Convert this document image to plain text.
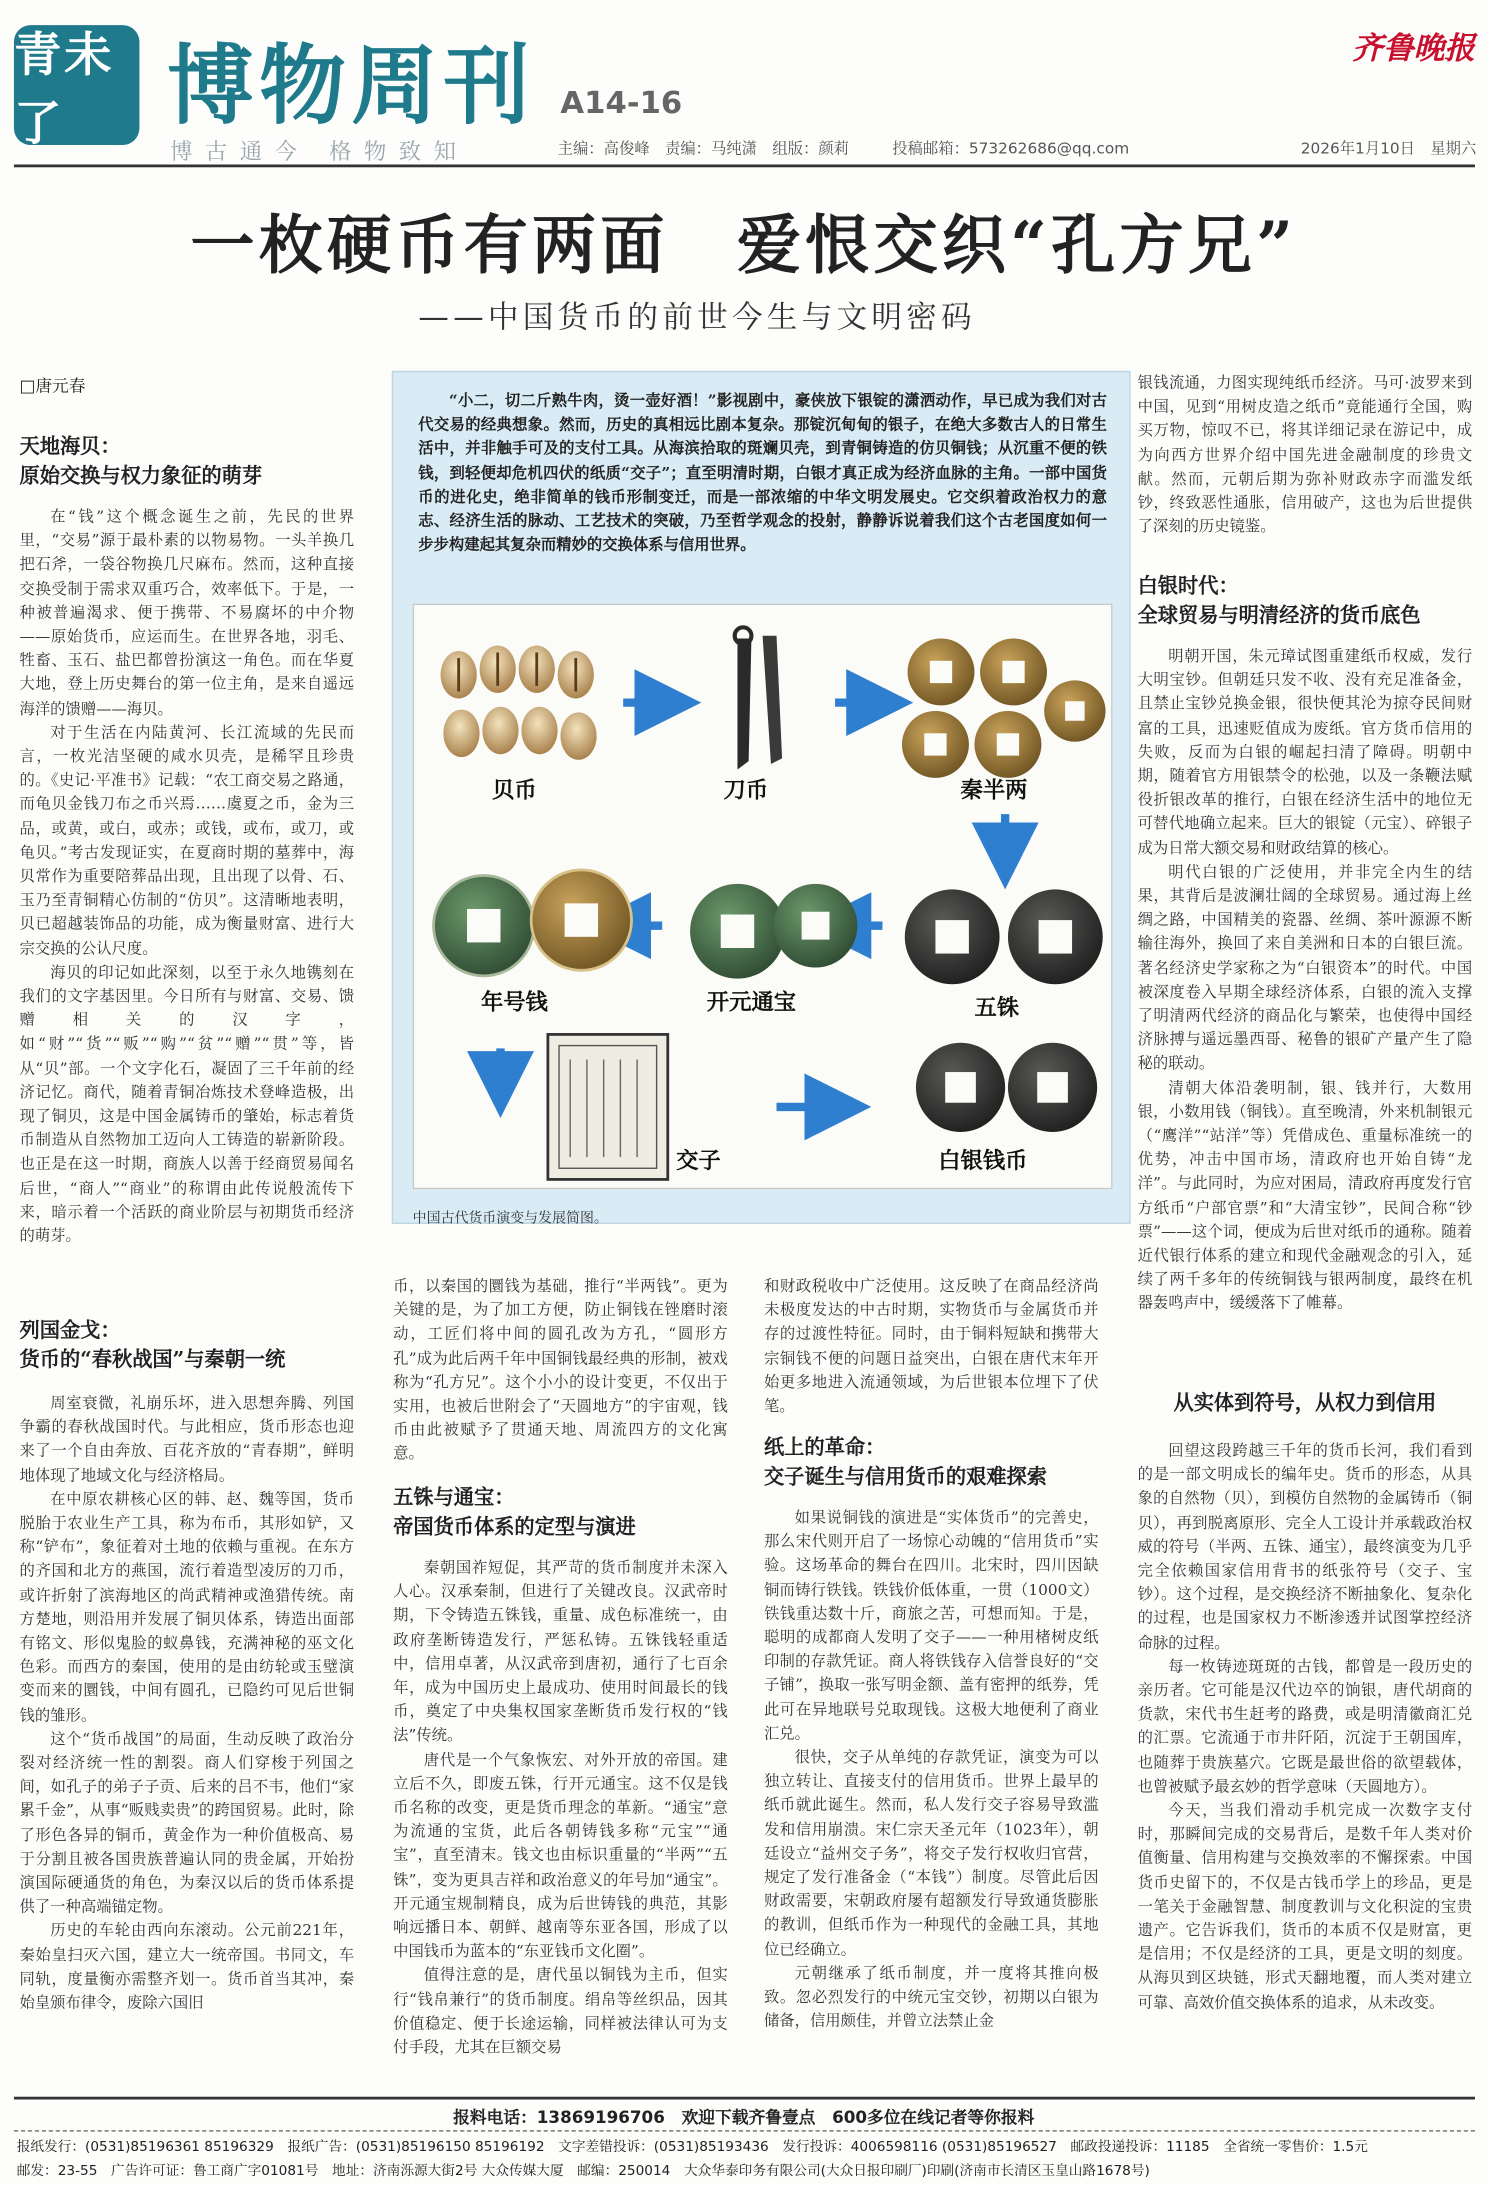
青未了	博物周刊 A14-16
齐鲁晚报
博古通今 格物致知	主编：高俊峰　责编：马纯潇　组版：颜莉	投稿邮箱：573262686@qq.com	2026年1月10日　星期六
一枚硬币有两面　爱恨交织“孔方兄”
——中国货币的前世今生与文明密码
□唐元春
天地海贝：
原始交换与权力象征的萌芽

在“钱”这个概念诞生之前，先民的世界里，“交易”源于最朴素的以物易物。一头羊换几把石斧，一袋谷物换几尺麻布。然而，这种直接交换受制于需求双重巧合，效率低下。于是，一种被普遍渴求、便于携带、不易腐坏的中介物——原始货币，应运而生。在世界各地，羽毛、牲畜、玉石、盐巴都曾扮演这一角色。而在华夏大地，登上历史舞台的第一位主角，是来自遥远海洋的馈赠——海贝。

对于生活在内陆黄河、长江流域的先民而言，一枚光洁坚硬的咸水贝壳，是稀罕且珍贵的。《史记·平准书》记载：“农工商交易之路通，而龟贝金钱刀布之币兴焉……虞夏之币，金为三品，或黄，或白，或赤；或钱，或布，或刀，或龟贝。”考古发现证实，在夏商时期的墓葬中，海贝常作为重要陪葬品出现，且出现了以骨、石、玉乃至青铜精心仿制的“仿贝”。这清晰地表明，贝已超越装饰品的功能，成为衡量财富、进行大宗交换的公认尺度。

海贝的印记如此深刻，以至于永久地镌刻在我们的文字基因里。今日所有与财富、交易、馈赠相关的汉字，如“财”“货”“贩”“购”“贫”“赠”“贯”等，皆从“贝”部。一个文字化石，凝固了三千年前的经济记忆。商代，随着青铜冶炼技术登峰造极，出现了铜贝，这是中国金属铸币的肇始，标志着货币制造从自然物加工迈向人工铸造的崭新阶段。也正是在这一时期，商族人以善于经商贸易闻名后世，“商人”“商业”的称谓由此传说般流传下来，暗示着一个活跃的商业阶层与初期货币经济的萌芽。

列国金戈：
货币的“春秋战国”与秦朝一统

周室衰微，礼崩乐坏，进入思想奔腾、列国争霸的春秋战国时代。与此相应，货币形态也迎来了一个自由奔放、百花齐放的“青春期”，鲜明地体现了地域文化与经济格局。

在中原农耕核心区的韩、赵、魏等国，货币脱胎于农业生产工具，称为布币，其形如铲，又称“铲布”，象征着对土地的依赖与重视。在东方的齐国和北方的燕国，流行着造型凌厉的刀币，或许折射了滨海地区的尚武精神或渔猎传统。南方楚地，则沿用并发展了铜贝体系，铸造出面部有铭文、形似鬼脸的蚁鼻钱，充满神秘的巫文化色彩。而西方的秦国，使用的是由纺轮或玉璧演变而来的圜钱，中间有圆孔，已隐约可见后世铜钱的雏形。

这个“货币战国”的局面，生动反映了政治分裂对经济统一性的割裂。商人们穿梭于列国之间，如孔子的弟子子贡、后来的吕不韦，他们“家累千金”，从事“贩贱卖贵”的跨国贸易。此时，除了形色各异的铜币，黄金作为一种价值极高、易于分割且被各国贵族普遍认同的贵金属，开始扮演国际硬通货的角色，为秦汉以后的货币体系提供了一种高端锚定物。

历史的车轮由西向东滚动。公元前221年，秦始皇扫灭六国，建立大一统帝国。书同文，车同轨，度量衡亦需整齐划一。货币首当其冲，秦始皇颁布律令，废除六国旧

“小二，切二斤熟牛肉，烫一壶好酒！”影视剧中，豪侠放下银锭的潇洒动作，早已成为我们对古代交易的经典想象。然而，历史的真相远比剧本复杂。那锭沉甸甸的银子，在绝大多数古人的日常生活中，并非触手可及的支付工具。从海滨拾取的斑斓贝壳，到青铜铸造的仿贝铜钱；从沉重不便的铁钱，到轻便却危机四伏的纸质“交子”；直至明清时期，白银才真正成为经济血脉的主角。一部中国货币的进化史，绝非简单的钱币形制变迁，而是一部浓缩的中华文明发展史。它交织着政治权力的意志、经济生活的脉动、工艺技术的突破，乃至哲学观念的投射，静静诉说着我们这个古老国度如何一步步构建起其复杂而精妙的交换体系与信用世界。

贝币	刀币	秦半两
五铢
开元通宝
年号钱
交子	白银钱币
中国古代货币演变与发展简图。

币，以秦国的圜钱为基础，推行“半两钱”。更为关键的是，为了加工方便，防止铜钱在锉磨时滚动，工匠们将中间的圆孔改为方孔，“圆形方孔”成为此后两千年中国铜钱最经典的形制，被戏称为“孔方兄”。这个小小的设计变更，不仅出于实用，也被后世附会了“天圆地方”的宇宙观，钱币由此被赋予了贯通天地、周流四方的文化寓意。

五铢与通宝：
帝国货币体系的定型与演进

秦朝国祚短促，其严苛的货币制度并未深入人心。汉承秦制，但进行了关键改良。汉武帝时期，下令铸造五铢钱，重量、成色标准统一，由政府垄断铸造发行，严惩私铸。五铢钱轻重适中，信用卓著，从汉武帝到唐初，通行了七百余年，成为中国历史上最成功、使用时间最长的钱币，奠定了中央集权国家垄断货币发行权的“钱法”传统。

唐代是一个气象恢宏、对外开放的帝国。建立后不久，即废五铢，行开元通宝。这不仅是钱币名称的改变，更是货币理念的革新。“通宝”意为流通的宝货，此后各朝铸钱多称“元宝”“通宝”，直至清末。钱文也由标识重量的“半两”“五铢”，变为更具吉祥和政治意义的年号加“通宝”。开元通宝规制精良，成为后世铸钱的典范，其影响远播日本、朝鲜、越南等东亚各国，形成了以中国钱币为蓝本的“东亚钱币文化圈”。

值得注意的是，唐代虽以铜钱为主币，但实行“钱帛兼行”的货币制度。绢帛等丝织品，因其价值稳定、便于长途运输，同样被法律认可为支付手段，尤其在巨额交易

和财政税收中广泛使用。这反映了在商品经济尚未极度发达的中古时期，实物货币与金属货币并存的过渡性特征。同时，由于铜料短缺和携带大宗铜钱不便的问题日益突出，白银在唐代末年开始更多地进入流通领域，为后世银本位埋下了伏笔。

纸上的革命：
交子诞生与信用货币的艰难探索

如果说铜钱的演进是“实体货币”的完善史，那么宋代则开启了一场惊心动魄的“信用货币”实验。这场革命的舞台在四川。北宋时，四川因缺铜而铸行铁钱。铁钱价低体重，一贯（1000文）铁钱重达数十斤，商旅之苦，可想而知。于是，聪明的成都商人发明了交子——一种用楮树皮纸印制的存款凭证。商人将铁钱存入信誉良好的“交子铺”，换取一张写明金额、盖有密押的纸券，凭此可在异地联号兑取现钱。这极大地便利了商业汇兑。

很快，交子从单纯的存款凭证，演变为可以独立转让、直接支付的信用货币。世界上最早的纸币就此诞生。然而，私人发行交子容易导致滥发和信用崩溃。宋仁宗天圣元年（1023年），朝廷设立“益州交子务”，将交子发行权收归官营，规定了发行准备金（“本钱”）制度。尽管此后因财政需要，宋朝政府屡有超额发行导致通货膨胀的教训，但纸币作为一种现代的金融工具，其地位已经确立。

元朝继承了纸币制度，并一度将其推向极致。忽必烈发行的中统元宝交钞，初期以白银为储备，信用颇佳，并曾立法禁止金

银钱流通，力图实现纯纸币经济。马可·波罗来到中国，见到“用树皮造之纸币”竟能通行全国，购买万物，惊叹不已，将其详细记录在游记中，成为向西方世界介绍中国先进金融制度的珍贵文献。然而，元朝后期为弥补财政赤字而滥发纸钞，终致恶性通胀，信用破产，这也为后世提供了深刻的历史镜鉴。

白银时代：
全球贸易与明清经济的货币底色

明朝开国，朱元璋试图重建纸币权威，发行大明宝钞。但朝廷只发不收、没有充足准备金，且禁止宝钞兑换金银，很快便其沦为掠夺民间财富的工具，迅速贬值成为废纸。官方货币信用的失败，反而为白银的崛起扫清了障碍。明朝中期，随着官方用银禁令的松弛，以及一条鞭法赋役折银改革的推行，白银在经济生活中的地位无可替代地确立起来。巨大的银锭（元宝）、碎银子成为日常大额交易和财政结算的核心。

明代白银的广泛使用，并非完全内生的结果，其背后是波澜壮阔的全球贸易。通过海上丝绸之路，中国精美的瓷器、丝绸、茶叶源源不断输往海外，换回了来自美洲和日本的白银巨流。著名经济史学家称之为“白银资本”的时代。中国被深度卷入早期全球经济体系，白银的流入支撑了明清两代经济的商品化与繁荣，也使得中国经济脉搏与遥远墨西哥、秘鲁的银矿产量产生了隐秘的联动。

清朝大体沿袭明制，银、钱并行，大数用银，小数用钱（铜钱）。直至晚清，外来机制银元（“鹰洋”“站洋”等）凭借成色、重量标准统一的优势，冲击中国市场，清政府也开始自铸“龙洋”。与此同时，为应对困局，清政府再度发行官方纸币“户部官票”和“大清宝钞”，民间合称“钞票”——这个词，便成为后世对纸币的通称。随着近代银行体系的建立和现代金融观念的引入，延续了两千多年的传统铜钱与银两制度，最终在机器轰鸣声中，缓缓落下了帷幕。

从实体到符号，从权力到信用

回望这段跨越三千年的货币长河，我们看到的是一部文明成长的编年史。货币的形态，从具象的自然物（贝），到模仿自然物的金属铸币（铜贝），再到脱离原形、完全人工设计并承载政治权威的符号（半两、五铢、通宝），最终演变为几乎完全依赖国家信用背书的纸张符号（交子、宝钞）。这个过程，是交换经济不断抽象化、复杂化的过程，也是国家权力不断渗透并试图掌控经济命脉的过程。

每一枚铸迹斑斑的古钱，都曾是一段历史的亲历者。它可能是汉代边卒的饷银，唐代胡商的货款，宋代书生赶考的路费，或是明清徽商汇兑的汇票。它流通于市井阡陌，沉淀于王朝国库，也随葬于贵族墓穴。它既是最世俗的欲望载体，也曾被赋予最玄妙的哲学意味（天圆地方）。

今天，当我们滑动手机完成一次数字支付时，那瞬间完成的交易背后，是数千年人类对价值衡量、信用构建与交换效率的不懈探索。中国货币史留下的，不仅是古钱币学上的珍品，更是一笔关于金融智慧、制度教训与文化积淀的宝贵遗产。它告诉我们，货币的本质不仅是财富，更是信用；不仅是经济的工具，更是文明的刻度。从海贝到区块链，形式天翻地覆，而人类对建立可靠、高效价值交换体系的追求，从未改变。

报料电话：13869196706　欢迎下载齐鲁壹点　600多位在线记者等你报料
报纸发行：(0531)85196361 85196329　报纸广告：(0531)85196150 85196192　文字差错投诉：(0531)85193436　发行投诉：4006598116 (0531)85196527　邮政投递投诉：11185　全省统一零售价：1.5元
邮发：23-55　广告许可证：鲁工商广字01081号　地址：济南泺源大街2号 大众传媒大厦　邮编：250014　大众华泰印务有限公司(大众日报印刷厂)印刷(济南市长清区玉皇山路1678号)
